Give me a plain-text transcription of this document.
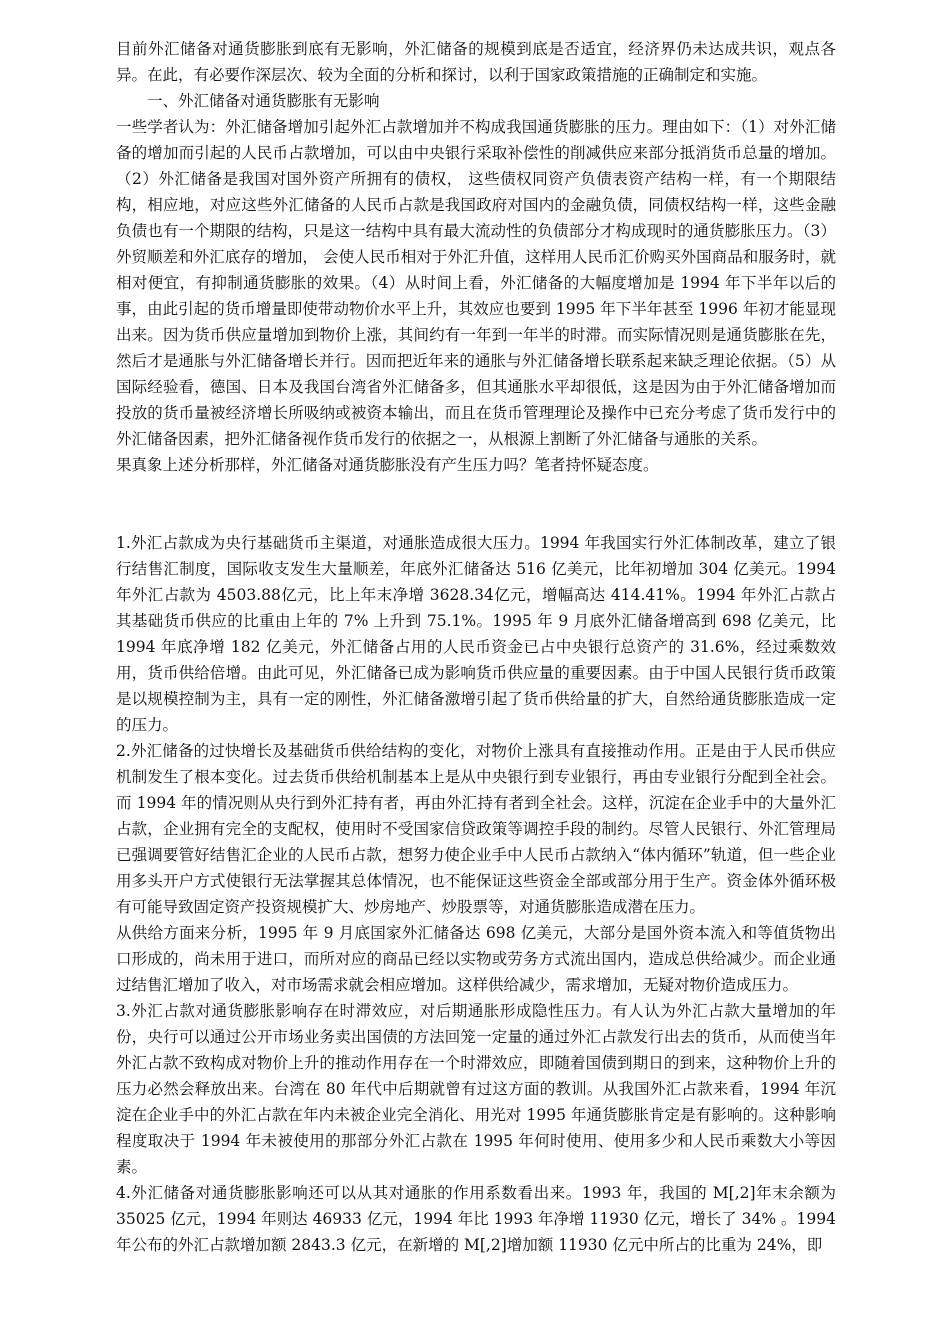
目前外汇储备对通货膨胀到底有无影响，外汇储备的规模到底是否适宜，经济界仍未达成共识，观点各异。在此，有必要作深层次、较为全面的分析和探讨，以利于国家政策措施的正确制定和实施。

一、外汇储备对通货膨胀有无影响

一些学者认为：外汇储备增加引起外汇占款增加并不构成我国通货膨胀的压力。理由如下：（1）对外汇储备的增加而引起的人民币占款增加，可以由中央银行采取补偿性的削减供应来部分抵消货币总量的增加。（2）外汇储备是我国对国外资产所拥有的债权， 这些债权同资产负债表资产结构一样，有一个期限结构，相应地，对应这些外汇储备的人民币占款是我国政府对国内的金融负债，同债权结构一样，这些金融负债也有一个期限的结构，只是这一结构中具有最大流动性的负债部分才构成现时的通货膨胀压力。（3）外贸顺差和外汇底存的增加， 会使人民币相对于外汇升值，这样用人民币汇价购买外国商品和服务时，就相对便宜，有抑制通货膨胀的效果。（4）从时间上看，外汇储备的大幅度增加是 1994 年下半年以后的事，由此引起的货币增量即使带动物价水平上升，其效应也要到 1995 年下半年甚至 1996 年初才能显现出来。因为货币供应量增加到物价上涨，其间约有一年到一年半的时滞。而实际情况则是通货膨胀在先，然后才是通胀与外汇储备增长并行。因而把近年来的通胀与外汇储备增长联系起来缺乏理论依据。（5）从国际经验看，德国、日本及我国台湾省外汇储备多，但其通胀水平却很低，这是因为由于外汇储备增加而投放的货币量被经济增长所吸纳或被资本输出，而且在货币管理理论及操作中已充分考虑了货币发行中的外汇储备因素，把外汇储备视作货币发行的依据之一，从根源上割断了外汇储备与通胀的关系。

果真象上述分析那样，外汇储备对通货膨胀没有产生压力吗？笔者持怀疑态度。

1.外汇占款成为央行基础货币主渠道，对通胀造成很大压力。1994 年我国实行外汇体制改革，建立了银行结售汇制度，国际收支发生大量顺差，年底外汇储备达 516 亿美元，比年初增加 304 亿美元。1994 年外汇占款为 4503.88亿元，比上年末净增 3628.34亿元，增幅高达 414.41%。1994 年外汇占款占其基础货币供应的比重由上年的 7% 上升到 75.1%。1995 年 9 月底外汇储备增高到 698 亿美元，比 1994 年底净增 182 亿美元，外汇储备占用的人民币资金已占中央银行总资产的 31.6%，经过乘数效用，货币供给倍增。由此可见，外汇储备已成为影响货币供应量的重要因素。由于中国人民银行货币政策是以规模控制为主，具有一定的刚性，外汇储备激增引起了货币供给量的扩大，自然给通货膨胀造成一定的压力。

2.外汇储备的过快增长及基础货币供给结构的变化，对物价上涨具有直接推动作用。正是由于人民币供应机制发生了根本变化。过去货币供给机制基本上是从中央银行到专业银行，再由专业银行分配到全社会。而 1994 年的情况则从央行到外汇持有者，再由外汇持有者到全社会。这样，沉淀在企业手中的大量外汇占款，企业拥有完全的支配权，使用时不受国家信贷政策等调控手段的制约。尽管人民银行、外汇管理局已强调要管好结售汇企业的人民币占款，想努力使企业手中人民币占款纳入“体内循环”轨道，但一些企业用多头开户方式使银行无法掌握其总体情况，也不能保证这些资金全部或部分用于生产。资金体外循环极有可能导致固定资产投资规模扩大、炒房地产、炒股票等，对通货膨胀造成潜在压力。

从供给方面来分析，1995 年 9 月底国家外汇储备达 698 亿美元，大部分是国外资本流入和等值货物出口形成的，尚未用于进口，而所对应的商品已经以实物或劳务方式流出国内，造成总供给减少。而企业通过结售汇增加了收入，对市场需求就会相应增加。这样供给减少，需求增加，无疑对物价造成压力。

3.外汇占款对通货膨胀影响存在时滞效应，对后期通胀形成隐性压力。有人认为外汇占款大量增加的年份，央行可以通过公开市场业务卖出国债的方法回笼一定量的通过外汇占款发行出去的货币，从而使当年外汇占款不致构成对物价上升的推动作用存在一个时滞效应，即随着国债到期日的到来，这种物价上升的压力必然会释放出来。台湾在 80 年代中后期就曾有过这方面的教训。从我国外汇占款来看，1994 年沉淀在企业手中的外汇占款在年内未被企业完全消化、用光对 1995 年通货膨胀肯定是有影响的。这种影响程度取决于 1994 年未被使用的那部分外汇占款在 1995 年何时使用、使用多少和人民币乘数大小等因素。

4.外汇储备对通货膨胀影响还可以从其对通胀的作用系数看出来。1993 年，我国的 M[,2]年末余额为 35025 亿元，1994 年则达 46933 亿元，1994 年比 1993 年净增 11930 亿元，增长了 34% 。1994 年公布的外汇占款增加额 2843.3 亿元，在新增的 M[,2]增加额 11930 亿元中所占的比重为 24%，即
